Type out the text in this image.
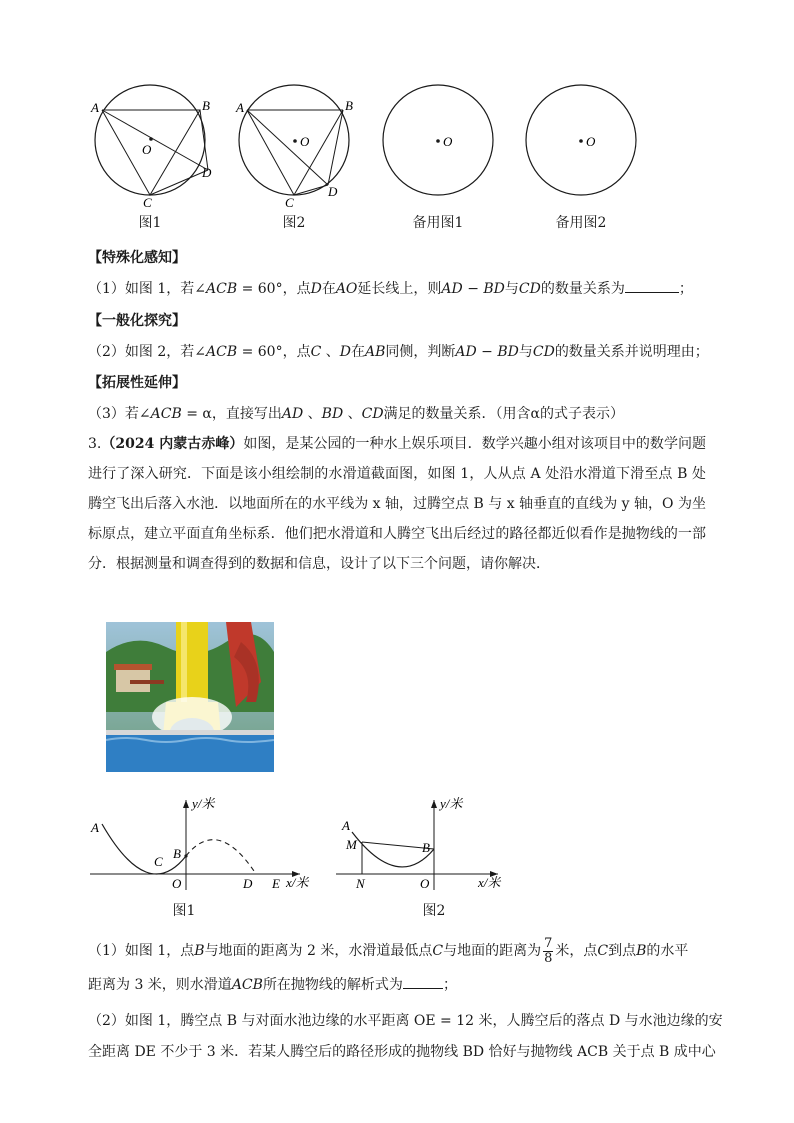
A	B
C
D
O
A	B
C
D
O	O	O
图1	图2	备用图1	备用图2
【特殊化感知】
（1）如图 1，若∠ACB = 60°，点D在AO延长线上，则AD − BD与CD的数量关系为	；
【一般化探究】
（2）如图 2，若∠ACB = 60°，点C 、D在AB同侧，判断AD − BD与CD的数量关系并说明理由；
【拓展性延伸】
（3）若∠ACB = α，直接写出AD 、BD 、CD满足的数量关系．（用含α的式子表示）
3.（2024 内蒙古赤峰）如图，是某公园的一种水上娱乐项目．数学兴趣小组对该项目中的数学问题进行了深入研究．下面是该小组绘制的水滑道截面图，如图 1，人从点 A 处沿水滑道下滑至点 B 处腾空飞出后落入水池．以地面所在的水平线为 x 轴，过腾空点 B 与 x 轴垂直的直线为 y 轴，O 为坐标原点，建立平面直角坐标系．他们把水滑道和人腾空飞出后经过的路径都近似看作是抛物线的一部分．根据测量和调查得到的数据和信息，设计了以下三个问题，请你解决．
A
C
B
O	D E x/米
y/米
图1
A
M	B
N	O	x/米
y/米
图2
（1）如图 1，点B与地面的距离为 2 米，水滑道最低点C与地面的距离为 $\frac{7}{8}$ 米，点C到点B的水平
距离为 3 米，则水滑道ACB所在抛物线的解析式为	；
（2）如图 1，腾空点 B 与对面水池边缘的水平距离 OE = 12 米，人腾空后的落点 D 与水池边缘的安
全距离 DE 不少于 3 米．若某人腾空后的路径形成的抛物线 BD 恰好与抛物线 ACB 关于点 B 成中心
